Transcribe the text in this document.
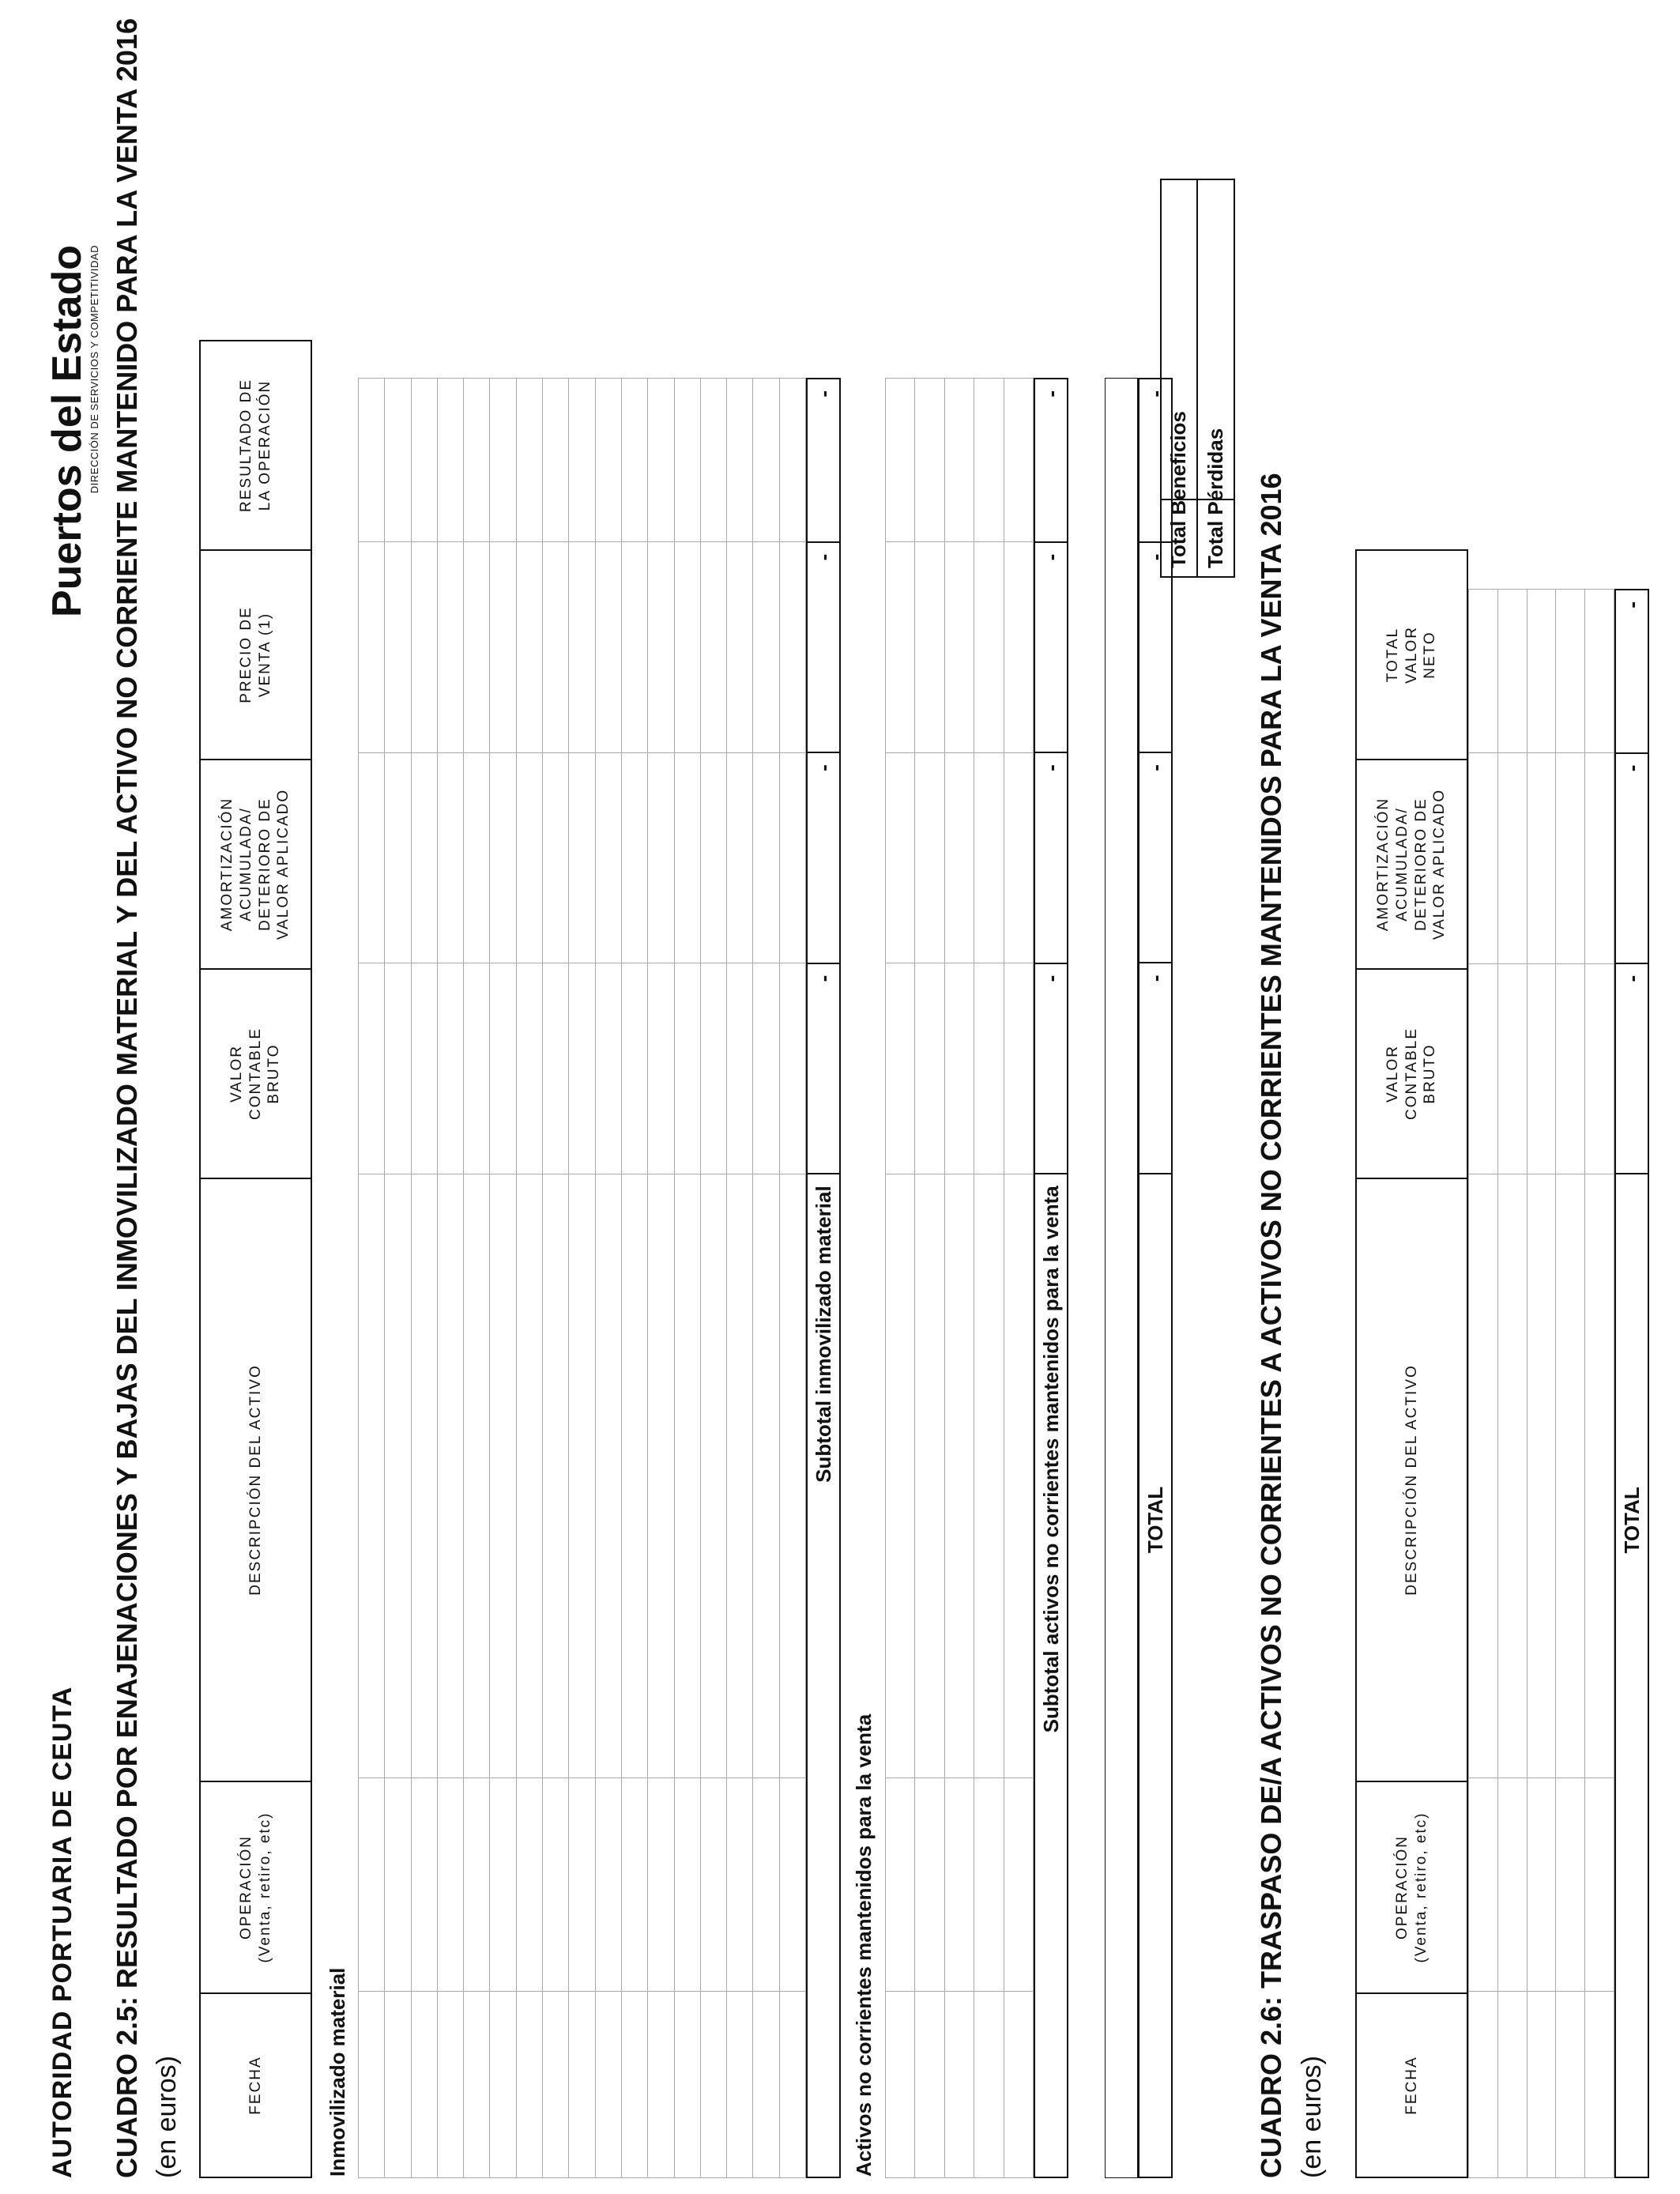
AUTORIDAD PORTUARIA DE CEUTA
Puertos del Estado
DIRECCIÓN DE SERVICIOS Y COMPETITIVIDAD CUADRO 2.5: RESULTADO POR ENAJENACIONES Y BAJAS DEL INMOVILIZADO MATERIAL Y DEL ACTIVO NO CORRIENTE MANTENIDO PARA LA VENTA 2016 (en euros)	FECHA
OPERACIÓN
(Venta, retiro, etc)
DESCRIPCIÓN DEL ACTIVO
VALOR
CONTABLE
BRUTO
AMORTIZACIÓN
ACUMULADA/
DETERIORO DE
VALOR APLICADO
PRECIO DE
VENTA (1)
RESULTADO DE
LA OPERACIÓN
Inmovilizado material
Subtotal inmovilizado material
-
-
-
-
Activos no corrientes mantenidos para la venta
Subtotal activos no corrientes mantenidos para la venta
-
-
-
-
TOTAL
-
-
-
-
Total Beneficios Total Pérdidas CUADRO 2.6: TRASPASO DE/A ACTIVOS NO CORRIENTES A ACTIVOS NO CORRIENTES MANTENIDOS PARA LA VENTA 2016 (en euros)	FECHA
OPERACIÓN
(Venta, retiro, etc)
DESCRIPCIÓN DEL ACTIVO
VALOR
CONTABLE
BRUTO
AMORTIZACIÓN
ACUMULADA/
DETERIORO DE
VALOR APLICADO
TOTAL
VALOR
NETO
TOTAL
-
-
-
